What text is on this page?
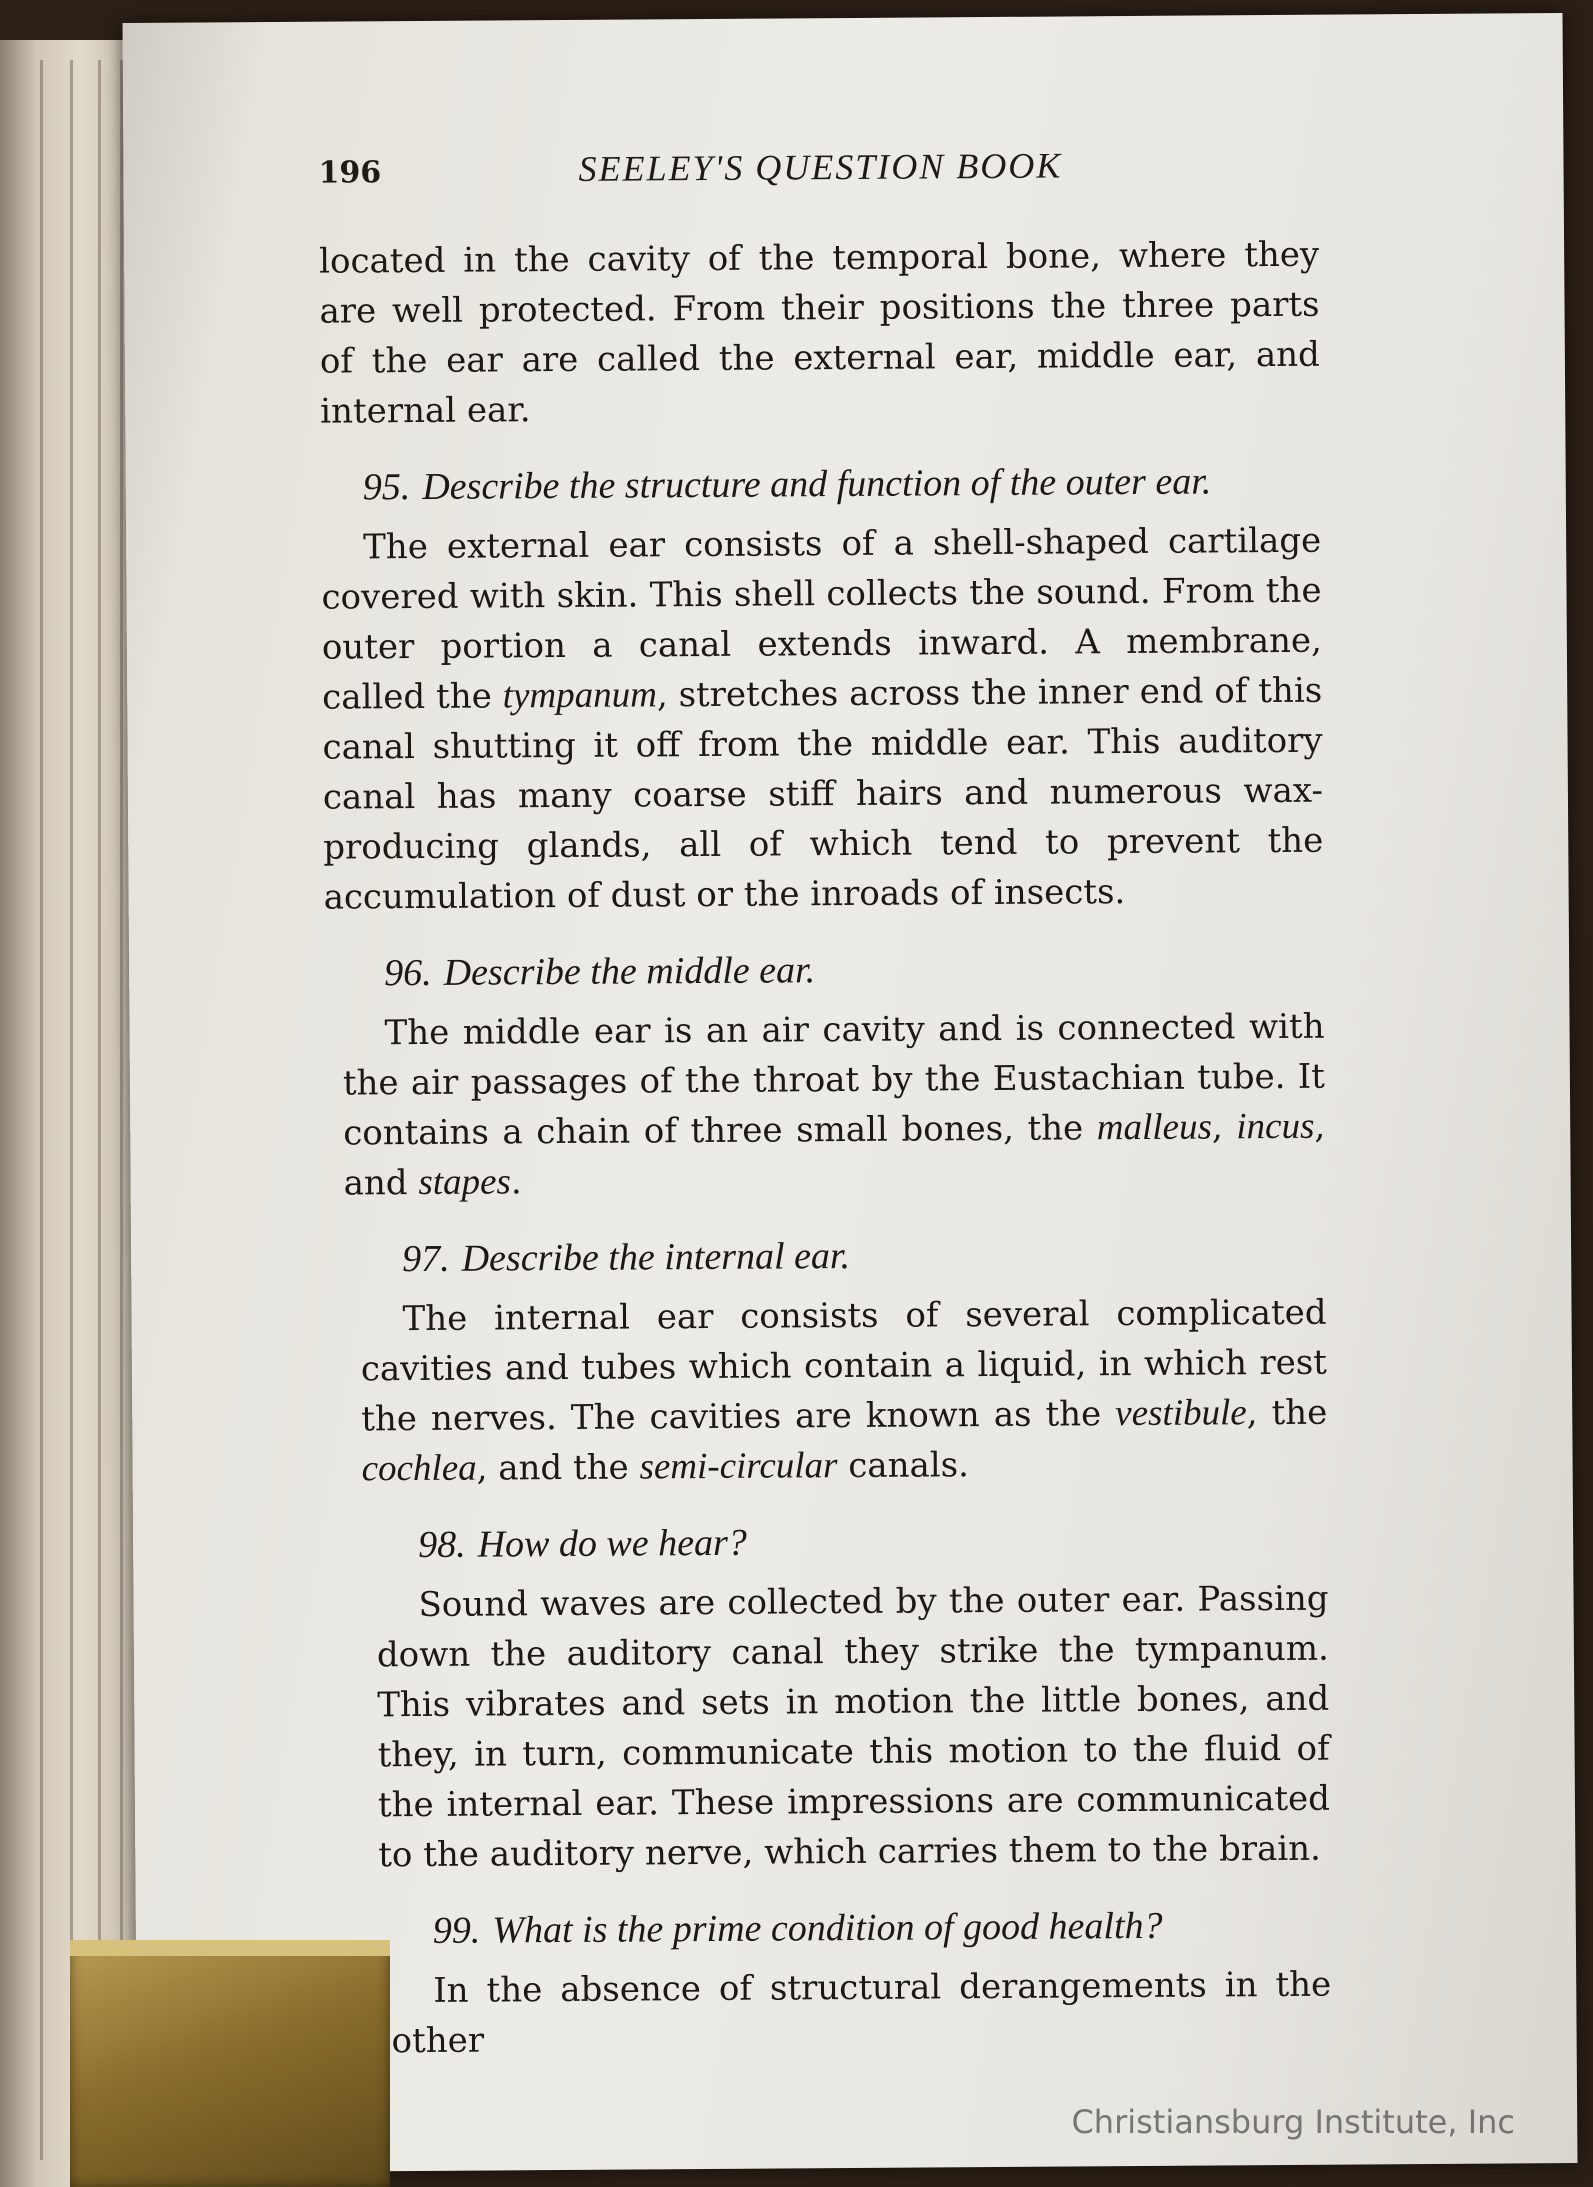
196	SEELEY'S QUESTION BOOK

located in the cavity of the temporal bone, where they are well protected. From their positions the three parts of the ear are called the external ear, middle ear, and internal ear.

95. Describe the structure and function of the outer ear.

The external ear consists of a shell-shaped cartilage covered with skin. This shell collects the sound. From the outer portion a canal extends inward. A membrane, called the tympanum, stretches across the inner end of this canal shutting it off from the middle ear. This auditory canal has many coarse stiff hairs and numerous wax-producing glands, all of which tend to prevent the accumulation of dust or the inroads of insects.

96. Describe the middle ear.

The middle ear is an air cavity and is connected with the air passages of the throat by the Eustachian tube. It contains a chain of three small bones, the malleus, incus, and stapes.

97. Describe the internal ear.

The internal ear consists of several complicated cavities and tubes which contain a liquid, in which rest the nerves. The cavities are known as the vestibule, the cochlea, and the semi-circular canals.

98. How do we hear?

Sound waves are collected by the outer ear. Passing down the auditory canal they strike the tympanum. This vibrates and sets in motion the little bones, and they, in turn, communicate this motion to the fluid of the internal ear. These impressions are communicated to the auditory nerve, which carries them to the brain.

99. What is the prime condition of good health?

In the absence of structural derangements in the other

Christiansburg Institute, Inc
